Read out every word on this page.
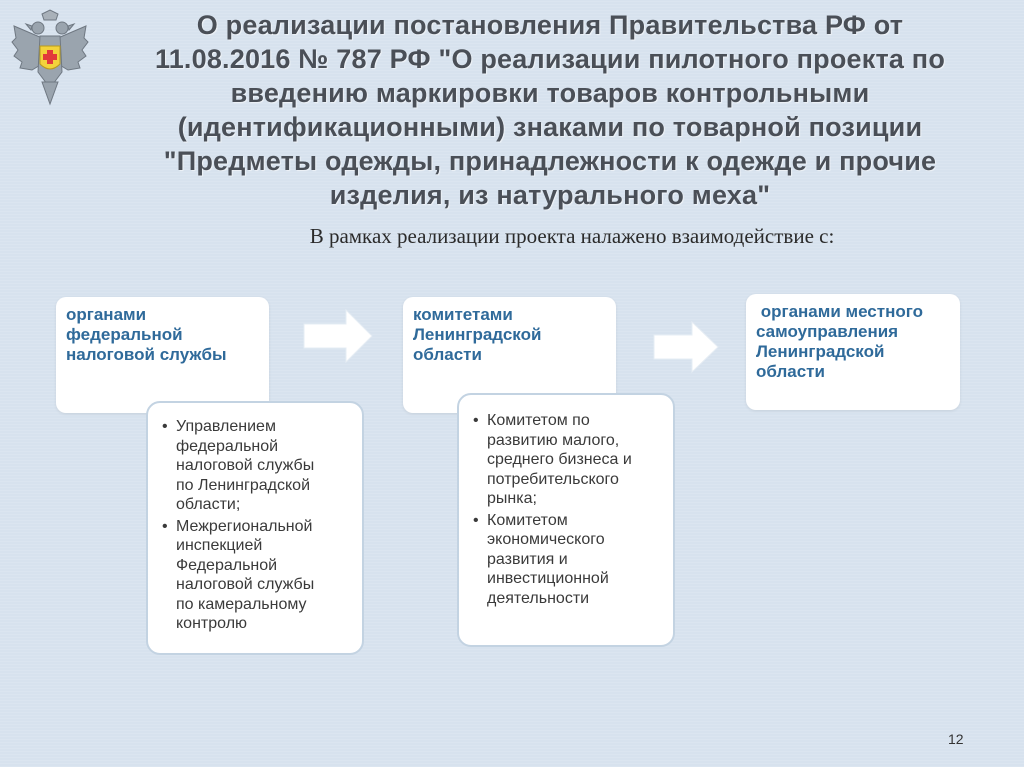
О реализации постановления Правительства РФ от
11.08.2016 № 787 РФ "О реализации пилотного проекта по
введению маркировки товаров контрольными
(идентификационными) знаками по товарной позиции
"Предметы одежды, принадлежности к одежде и прочие
изделия, из натурального меха"
В рамках реализации проекта налажено взаимодействие с:
органами
федеральной
налоговой службы
комитетами
Ленинградской
области
органами местного
самоуправления
Ленинградской
области
• Управлением
федеральной
налоговой службы
по Ленинградской
области;
• Межрегиональной
инспекцией
Федеральной
налоговой службы
по камеральному
контролю
• Комитетом по
развитию малого,
среднего бизнеса и
потребительского
рынка;
• Комитетом
экономического
развития и
инвестиционной
деятельности
12
